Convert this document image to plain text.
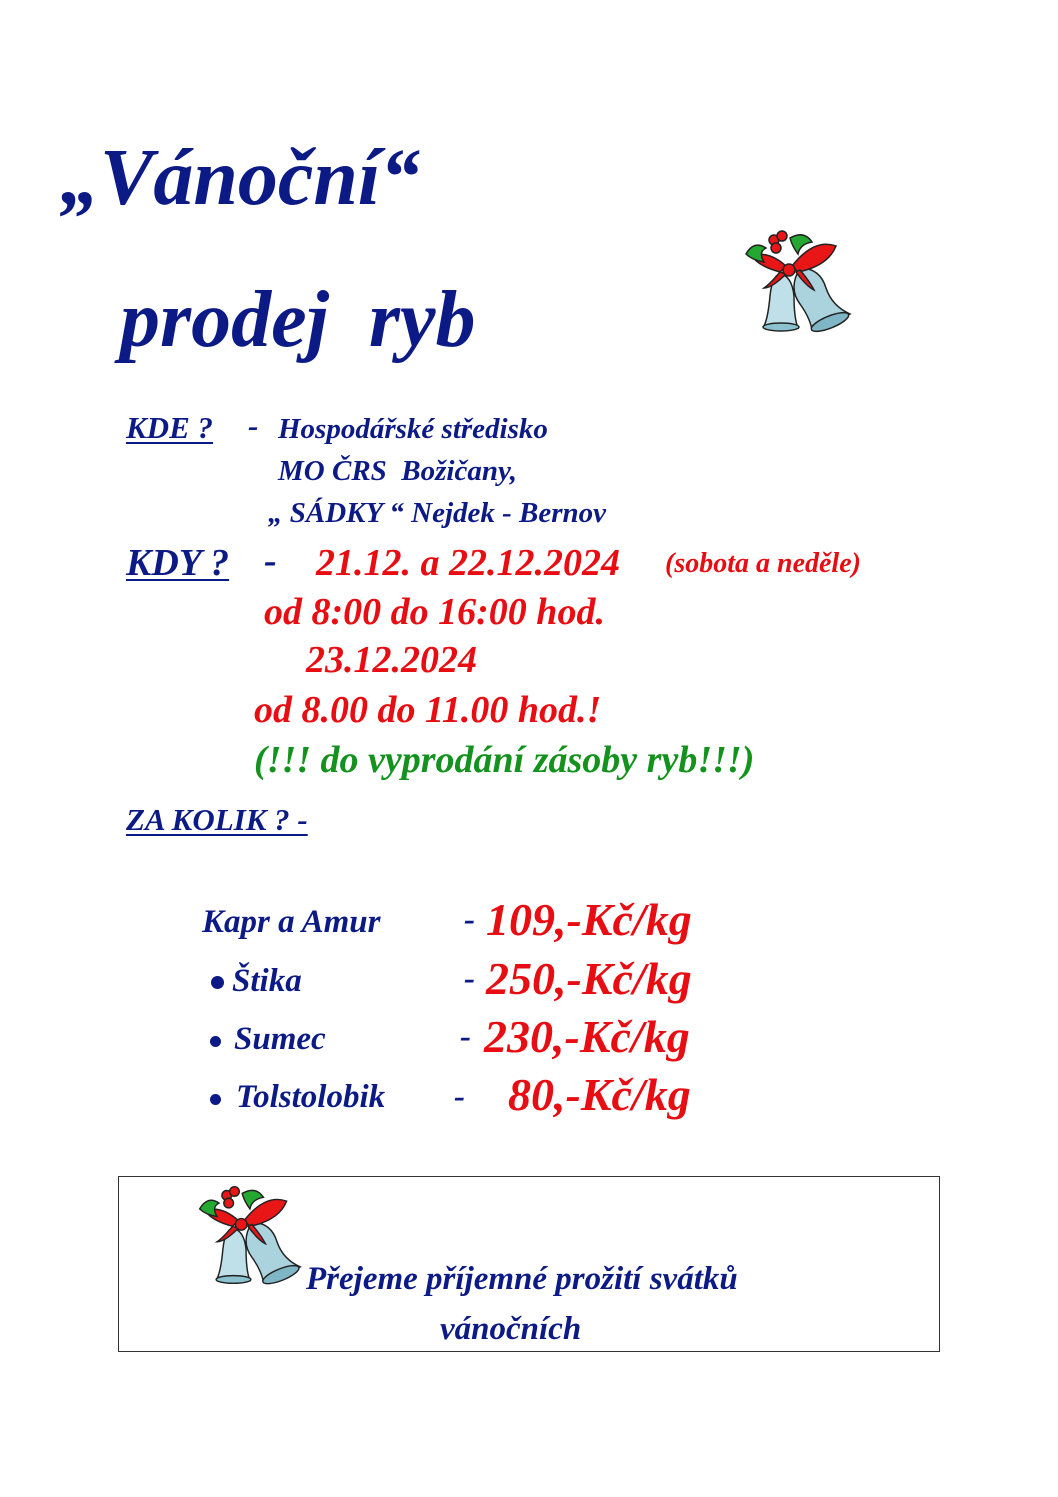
„Vánoční“
prodej  ryb
KDE ? - Hospodářské středisko
MO ČRS  Božičany,
„ SÁDKY “ Nejdek - Bernov
KDY ? - 21.12. a 22.12.2024 (sobota a neděle)
od 8:00 do 16:00 hod.
23.12.2024
od 8.00 do 11.00 hod.!
(!!! do vyprodání zásoby ryb!!!)
ZA KOLIK ? -
Kapr a Amur	- 109,-Kč/kg
Štika	- 250,-Kč/kg
Sumec	- 230,-Kč/kg
Tolstolobik - 80,-Kč/kg
Přejeme příjemné prožití svátků
vánočních
